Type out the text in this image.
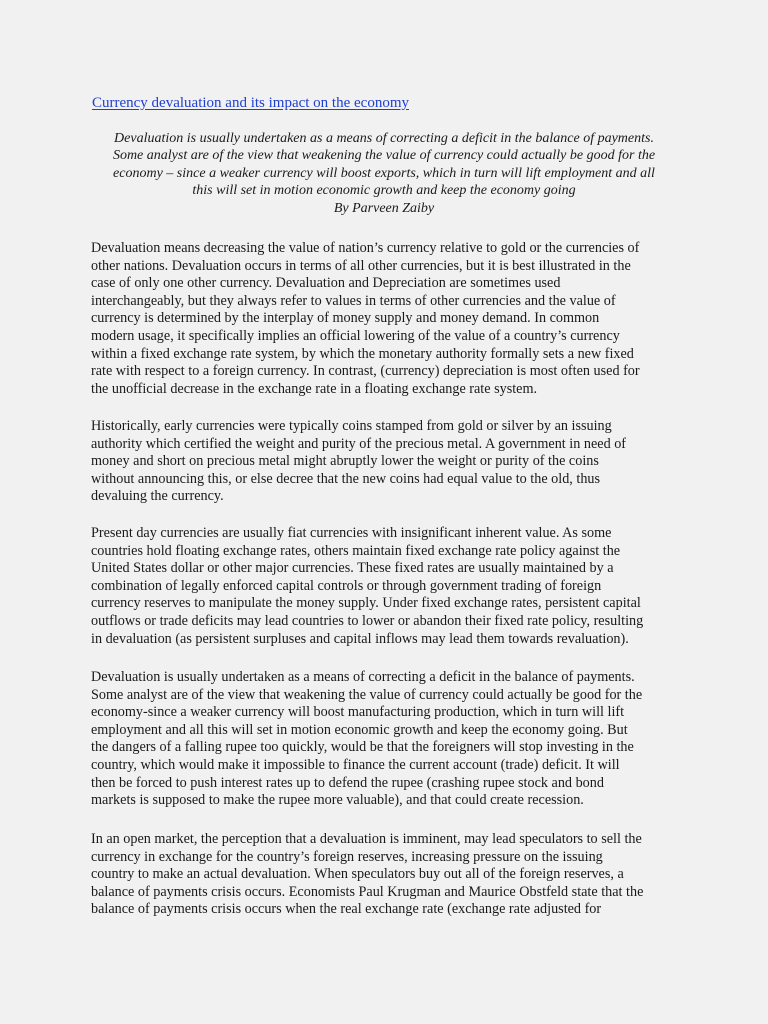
Currency devaluation and its impact on the economy
Devaluation is usually undertaken as a means of correcting a deficit in the balance of payments.
Some analyst are of the view that weakening the value of currency could actually be good for the
economy – since a weaker currency will boost exports, which in turn will lift employment and all
this will set in motion economic growth and keep the economy going
By Parveen Zaiby
Devaluation means decreasing the value of nation’s currency relative to gold or the currencies of
other nations. Devaluation occurs in terms of all other currencies, but it is best illustrated in the
case of only one other currency. Devaluation and Depreciation are sometimes used
interchangeably, but they always refer to values in terms of other currencies and the value of
currency is determined by the interplay of money supply and money demand. In common
modern usage, it specifically implies an official lowering of the value of a country’s currency
within a fixed exchange rate system, by which the monetary authority formally sets a new fixed
rate with respect to a foreign currency. In contrast, (currency) depreciation is most often used for
the unofficial decrease in the exchange rate in a floating exchange rate system.
Historically, early currencies were typically coins stamped from gold or silver by an issuing
authority which certified the weight and purity of the precious metal. A government in need of
money and short on precious metal might abruptly lower the weight or purity of the coins
without announcing this, or else decree that the new coins had equal value to the old, thus
devaluing the currency.
Present day currencies are usually fiat currencies with insignificant inherent value. As some
countries hold floating exchange rates, others maintain fixed exchange rate policy against the
United States dollar or other major currencies. These fixed rates are usually maintained by a
combination of legally enforced capital controls or through government trading of foreign
currency reserves to manipulate the money supply. Under fixed exchange rates, persistent capital
outflows or trade deficits may lead countries to lower or abandon their fixed rate policy, resulting
in devaluation (as persistent surpluses and capital inflows may lead them towards revaluation).
Devaluation is usually undertaken as a means of correcting a deficit in the balance of payments.
Some analyst are of the view that weakening the value of currency could actually be good for the
economy-since a weaker currency will boost manufacturing production, which in turn will lift
employment and all this will set in motion economic growth and keep the economy going. But
the dangers of a falling rupee too quickly, would be that the foreigners will stop investing in the
country, which would make it impossible to finance the current account (trade) deficit. It will
then be forced to push interest rates up to defend the rupee (crashing rupee stock and bond
markets is supposed to make the rupee more valuable), and that could create recession.
In an open market, the perception that a devaluation is imminent, may lead speculators to sell the
currency in exchange for the country’s foreign reserves, increasing pressure on the issuing
country to make an actual devaluation. When speculators buy out all of the foreign reserves, a
balance of payments crisis occurs. Economists Paul Krugman and Maurice Obstfeld state that the
balance of payments crisis occurs when the real exchange rate (exchange rate adjusted for
